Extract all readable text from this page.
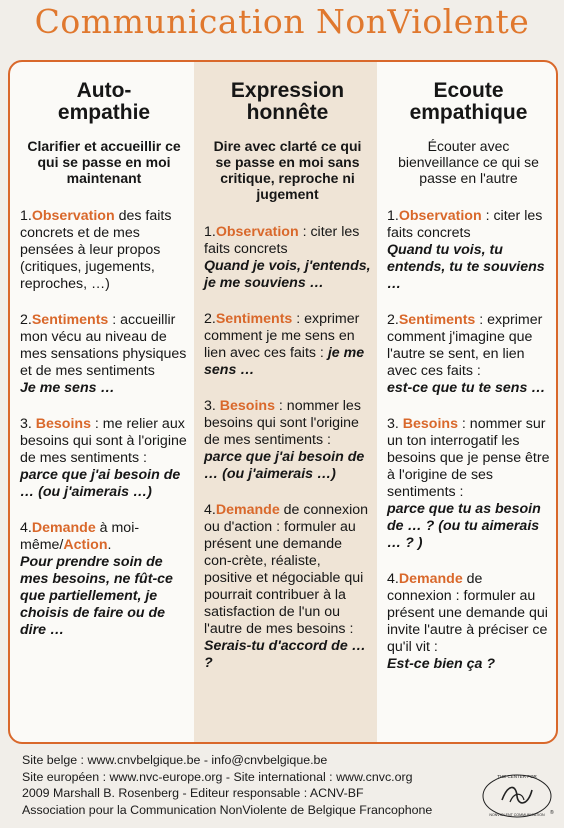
Communication NonViolente
Auto-
empathie
Clarifier et accueillir ce qui se passe en moi maintenant
1.Observation des faits concrets et de mes pensées à leur propos (critiques, jugements, reproches, …)
2.Sentiments : accueillir mon vécu au niveau de mes sensations physiques et de mes sentiments
Je me sens …
3. Besoins : me relier aux besoins qui sont à l'origine de mes sentiments :
parce que j'ai besoin de … (ou j'aimerais …)
4.Demande à moi-même/Action.
Pour prendre soin de mes besoins, ne fût-ce que partiellement, je choisis de faire ou de dire …
Expression
honnête
Dire avec clarté ce qui se passe en moi sans critique, reproche ni jugement
1.Observation : citer les faits concrets
Quand je vois, j'entends, je me souviens …
2.Sentiments : exprimer comment je me sens en lien avec ces faits : je me sens …
3. Besoins : nommer les besoins qui sont l'origine de mes sentiments :
parce que j'ai besoin de … (ou j'aimerais …)
4.Demande de connexion ou d'action : formuler au présent une demande con-crète, réaliste, positive et négociable qui pourrait contribuer à la satisfaction de l'un ou l'autre de mes besoins :
Serais-tu d'accord de … ?
Ecoute
empathique
Écouter avec bienveillance ce qui se passe en l'autre
1.Observation : citer les faits concrets
Quand tu vois, tu entends, tu te souviens …
2.Sentiments : exprimer comment j'imagine que l'autre se sent, en lien avec ces faits :
est-ce que tu te sens …
3. Besoins : nommer sur un ton interrogatif les besoins que je pense être à l'origine de ses sentiments :
parce que tu as besoin de … ? (ou tu aimerais … ? )
4.Demande de connexion : formuler au présent une demande qui invite l'autre à préciser ce qu'il vit :
Est-ce bien ça ?
Site belge : www.cnvbelgique.be - info@cnvbelgique.be
Site européen : www.nvc-europe.org - Site international : www.cnvc.org
2009 Marshall B. Rosenberg - Editeur responsable : ACNV-BF
Association pour la Communication NonViolente de Belgique Francophone
THE CENTER FOR
NONVIOLENT COMMUNICATION ®
